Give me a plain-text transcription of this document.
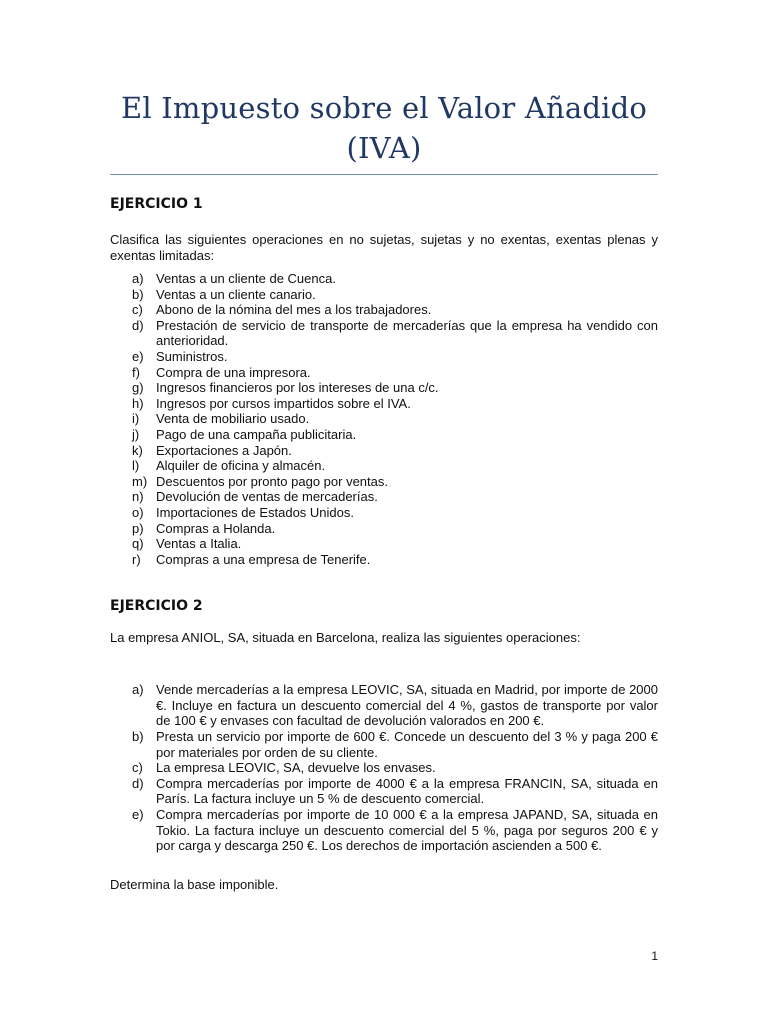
El Impuesto sobre el Valor Añadido (IVA)
EJERCICIO 1

Clasifica las siguientes operaciones en no sujetas, sujetas y no exentas, exentas plenas y exentas limitadas:

a) Ventas a un cliente de Cuenca.
b) Ventas a un cliente canario.
c) Abono de la nómina del mes a los trabajadores.
d) Prestación de servicio de transporte de mercaderías que la empresa ha vendido con anterioridad.
e) Suministros.
f) Compra de una impresora.
g) Ingresos financieros por los intereses de una c/c.
h) Ingresos por cursos impartidos sobre el IVA.
i) Venta de mobiliario usado.
j) Pago de una campaña publicitaria.
k) Exportaciones a Japón.
l) Alquiler de oficina y almacén.
m) Descuentos por pronto pago por ventas.
n) Devolución de ventas de mercaderías.
o) Importaciones de Estados Unidos.
p) Compras a Holanda.
q) Ventas a Italia.
r) Compras a una empresa de Tenerife.
EJERCICIO 2

La empresa ANIOL, SA, situada en Barcelona, realiza las siguientes operaciones:

a) Vende mercaderías a la empresa LEOVIC, SA, situada en Madrid, por importe de 2000 €. Incluye en factura un descuento comercial del 4 %, gastos de transporte por valor de 100 € y envases con facultad de devolución valorados en 200 €.
b) Presta un servicio por importe de 600 €. Concede un descuento del 3 % y paga 200 € por materiales por orden de su cliente.
c) La empresa LEOVIC, SA, devuelve los envases.
d) Compra mercaderías por importe de 4000 € a la empresa FRANCIN, SA, situada en París. La factura incluye un 5 % de descuento comercial.
e) Compra mercaderías por importe de 10 000 € a la empresa JAPAND, SA, situada en Tokio. La factura incluye un descuento comercial del 5 %, paga por seguros 200 € y por carga y descarga 250 €. Los derechos de importación ascienden a 500 €.

Determina la base imponible.

1
